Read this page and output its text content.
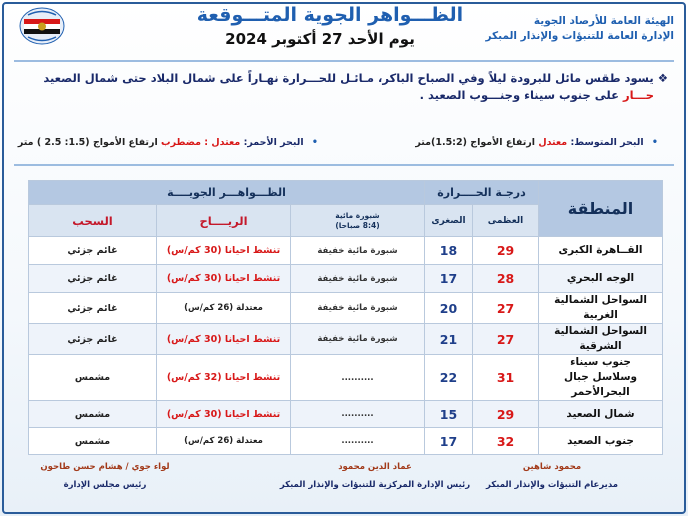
الظـــواهر الجوية المتـــوقعة
يوم الأحد 27 أكتوبر 2024
الهيئة العامة للأرصاد الجوية
الإدارة العامة للتنبؤات والإنذار المبكر
❖يسود طقس مائل للبرودة ليلاً وفي الصباح الباكر، مـائـل للحـــرارة نهـاراً على شمال البلاد حتى شمال الصعيد
حـــار على جنوب سيناء وجنـــوب الصعيد .
• البحر المتوسط: معتدل ارتفاع الأمواج (1.5:2)متر
• البحر الأحمر: معتدل : مضطرب ارتفاع الأمواج (1.5: 2.5 ) متر
المنطقة	درجـة الحــــرارة		الظـــواهـــر الجويــــة		
	العظمى	الصغرى	شبورة مائية
(8:4 صباحا)	الريــــاح	السحب
القــاهرة الكبرى	29	18	شبورة مائية خفيفة	تنشط احيانا (30 كم/س)	غائم جزئي
الوجه البحري	28	17	شبورة مائية خفيفة	تنشط احيانا (30 كم/س)	غائم جزئي
السواحل الشمالية الغربية	27	20	شبورة مائية خفيفة	معتدلة (26 كم/س)	غائم جزئي
السواحل الشمالية الشرقية	27	21	شبورة مائية خفيفة	تنشط احيانا (30 كم/س)	غائم جزئي

جنوب سيناء
وسلاسل جبال البحرالأحمر	31	22	..........	تنشط احيانا (32 كم/س)	مشمس
شمال الصعيد	29	15	..........	تنشط احيانا (30 كم/س)	مشمس
جنوب الصعيد	32	17	..........	معتدلة (26 كم/س)	مشمس
محمود شاهين
مديرعام التنبؤات والإنذار المبكر
عماد الدين محمود
رئيس الإدارة المركزية للتنبؤات والإنذار المبكر
لواء جوي / هشام حسن طاحون
رئيس مجلس الإدارة
